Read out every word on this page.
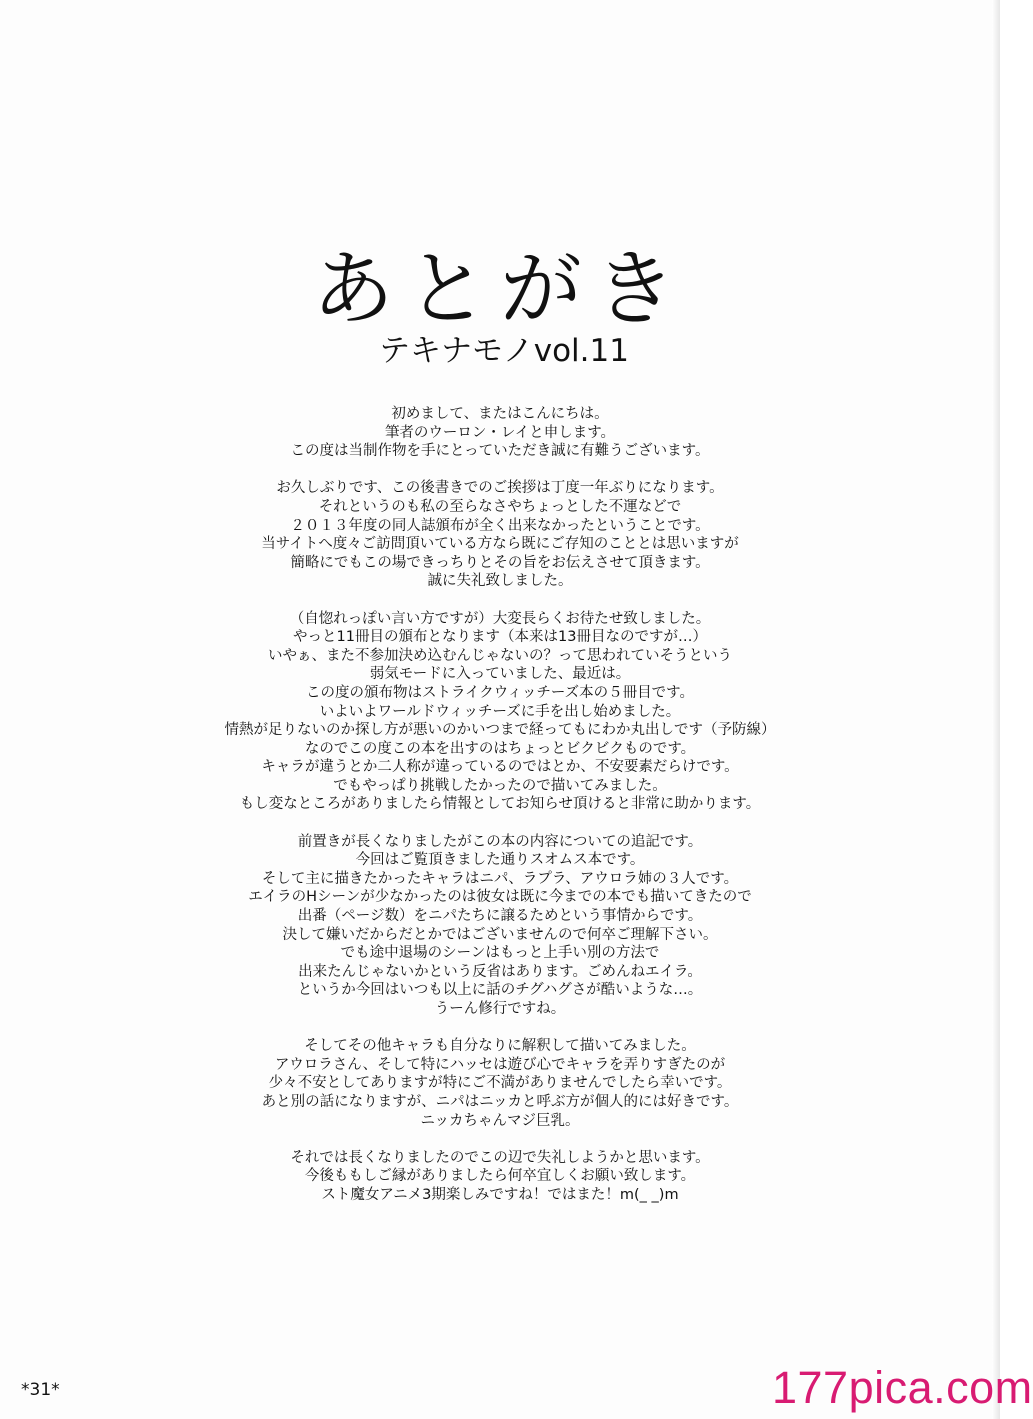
あとがき
テキナモノvol.11
初めまして、またはこんにちは。
筆者のウーロン・レイと申します。
この度は当制作物を手にとっていただき誠に有難うございます。
お久しぶりです、この後書きでのご挨拶は丁度一年ぶりになります。
それというのも私の至らなさやちょっとした不運などで
２０１３年度の同人誌頒布が全く出来なかったということです。
当サイトへ度々ご訪問頂いている方なら既にご存知のこととは思いますが
簡略にでもこの場できっちりとその旨をお伝えさせて頂きます。
誠に失礼致しました。
（自惚れっぽい言い方ですが）大変長らくお待たせ致しました。
やっと11冊目の頒布となります（本来は13冊目なのですが…）
いやぁ、また不参加決め込むんじゃないの？って思われていそうという
弱気モードに入っていました、最近は。
この度の頒布物はストライクウィッチーズ本の５冊目です。
いよいよワールドウィッチーズに手を出し始めました。
情熱が足りないのか探し方が悪いのかいつまで経ってもにわか丸出しです（予防線）
なのでこの度この本を出すのはちょっとビクビクものです。
キャラが違うとか二人称が違っているのではとか、不安要素だらけです。
でもやっぱり挑戦したかったので描いてみました。
もし変なところがありましたら情報としてお知らせ頂けると非常に助かります。
前置きが長くなりましたがこの本の内容についての追記です。
今回はご覧頂きました通りスオムス本です。
そして主に描きたかったキャラはニパ、ラプラ、アウロラ姉の３人です。
エイラのHシーンが少なかったのは彼女は既に今までの本でも描いてきたので
出番（ページ数）をニパたちに譲るためという事情からです。
決して嫌いだからだとかではございませんので何卒ご理解下さい。
でも途中退場のシーンはもっと上手い別の方法で
出来たんじゃないかという反省はあります。ごめんねエイラ。
というか今回はいつも以上に話のチグハグさが酷いような…。
うーん修行ですね。
そしてその他キャラも自分なりに解釈して描いてみました。
アウロラさん、そして特にハッセは遊び心でキャラを弄りすぎたのが
少々不安としてありますが特にご不満がありませんでしたら幸いです。
あと別の話になりますが、ニパはニッカと呼ぶ方が個人的には好きです。
ニッカちゃんマジ巨乳。
それでは長くなりましたのでこの辺で失礼しようかと思います。
今後ももしご縁がありましたら何卒宜しくお願い致します。
スト魔女アニメ3期楽しみですね！ではまた！m(_ _)m
*31*	177pica.com
